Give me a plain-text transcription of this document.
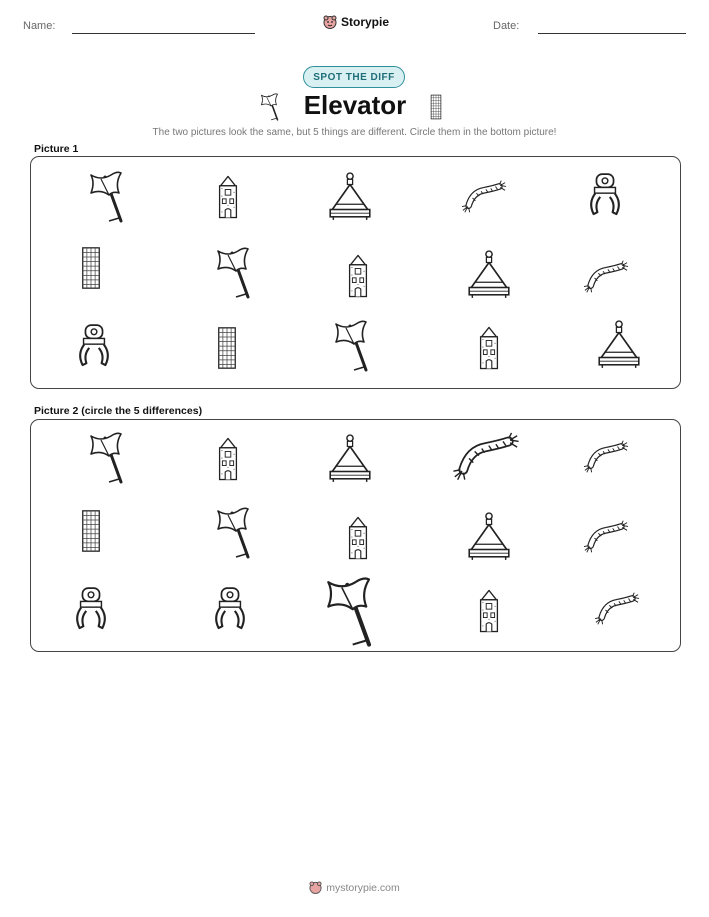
Name:	Storypie	Date:
SPOT THE DIFF
Elevator
The two pictures look the same, but 5 things are different. Circle them in the bottom picture!
Picture 1
Picture 2 (circle the 5 differences)
mystorypie.com
